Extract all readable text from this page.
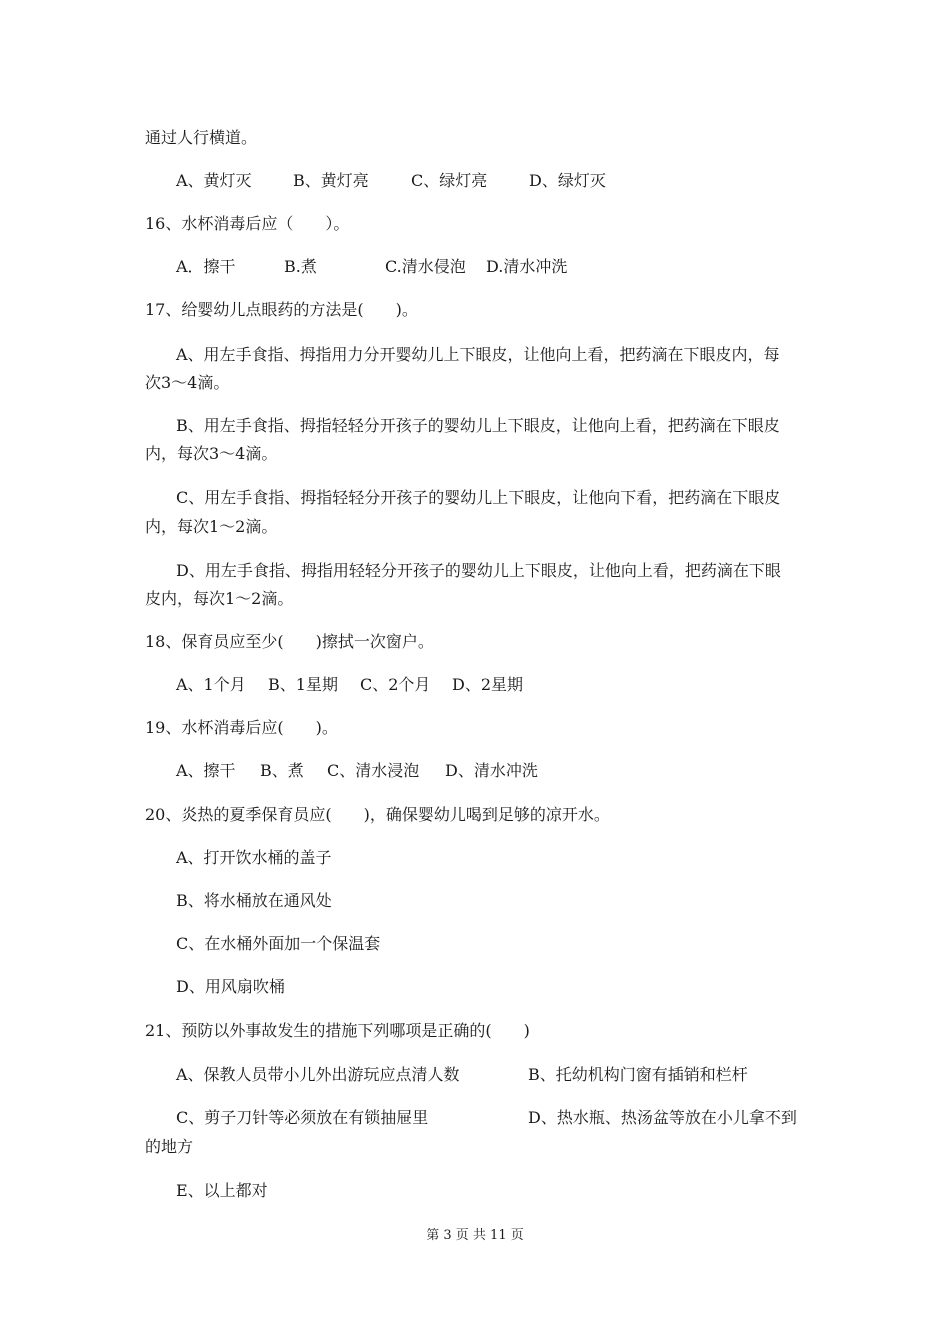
通过人行横道。
A、黄灯灭	B、黄灯亮	C、绿灯亮	D、绿灯灭
16、水杯消毒后应（　　）。
A．擦干	B.煮	C.清水侵泡 D.清水冲洗
17、给婴幼儿点眼药的方法是(　　)。
A、用左手食指、拇指用力分开婴幼儿上下眼皮，让他向上看，把药滴在下眼皮内，每
次3～4滴。
B、用左手食指、拇指轻轻分开孩子的婴幼儿上下眼皮，让他向上看，把药滴在下眼皮
内，每次3～4滴。
C、用左手食指、拇指轻轻分开孩子的婴幼儿上下眼皮，让他向下看，把药滴在下眼皮
内，每次1～2滴。
D、用左手食指、拇指用轻轻分开孩子的婴幼儿上下眼皮，让他向上看，把药滴在下眼
皮内，每次1～2滴。
18、保育员应至少(　　)擦拭一次窗户。
A、1个月 B、1星期 C、2个月 D、2星期
19、水杯消毒后应(　　)。
A、擦干 B、煮 C、清水浸泡 D、清水冲洗
20、炎热的夏季保育员应(　　)，确保婴幼儿喝到足够的凉开水。
A、打开饮水桶的盖子
B、将水桶放在通风处
C、在水桶外面加一个保温套
D、用风扇吹桶
21、预防以外事故发生的措施下列哪项是正确的(　　)
A、保教人员带小儿外出游玩应点清人数	B、托幼机构门窗有插销和栏杆
C、剪子刀针等必须放在有锁抽屉里	D、热水瓶、热汤盆等放在小儿拿不到
的地方
E、以上都对
第 3 页 共 11 页
